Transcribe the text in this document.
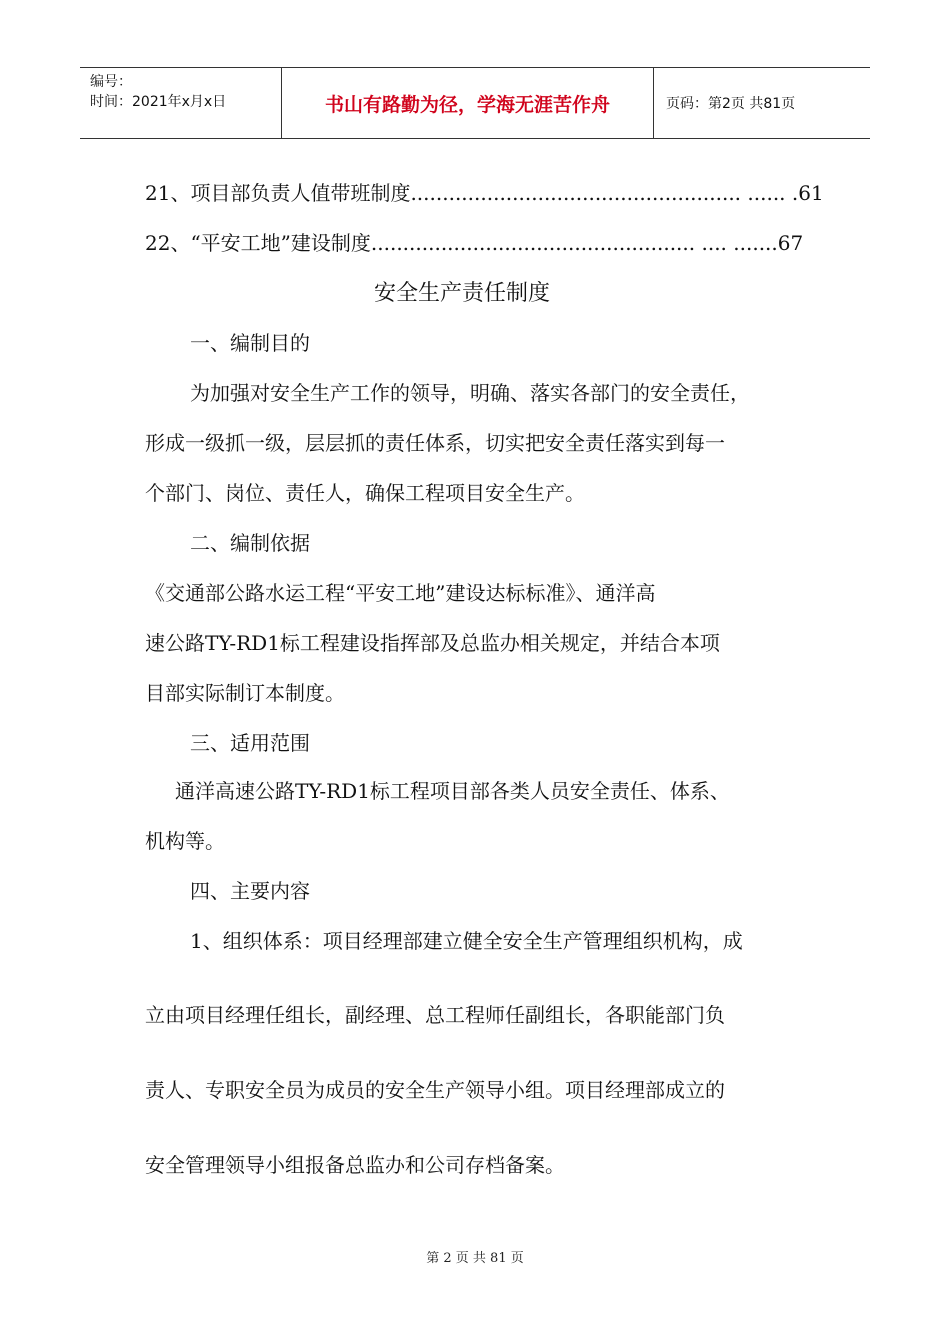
编号：
时间：2021年x月x日	书山有路勤为径，学海无涯苦作舟	页码：第2页 共81页
21、项目部负责人值带班制度.................................................... ...... .61
22、“平安工地”建设制度................................................... .... .......67
安全生产责任制度
一、编制目的
为加强对安全生产工作的领导，明确、落实各部门的安全责任，
形成一级抓一级，层层抓的责任体系，切实把安全责任落实到每一
个部门、岗位、责任人，确保工程项目安全生产。
二、编制依据
《交通部公路水运工程“平安工地”建设达标标准》、通洋高
速公路TY-RD1标工程建设指挥部及总监办相关规定，并结合本项
目部实际制订本制度。
三、适用范围
通洋高速公路TY-RD1标工程项目部各类人员安全责任、体系、
机构等。
四、主要内容
1、组织体系：项目经理部建立健全安全生产管理组织机构，成
立由项目经理任组长，副经理、总工程师任副组长，各职能部门负
责人、专职安全员为成员的安全生产领导小组。项目经理部成立的
安全管理领导小组报备总监办和公司存档备案。
第 2 页 共 81 页
